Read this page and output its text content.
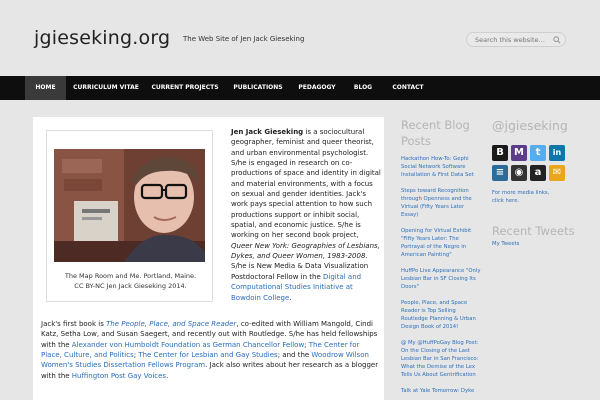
jgieseking.org The Web Site of Jen Jack Gieseking
Search this website…
HOME	CURRICULUM VITAE	CURRENT PROJECTS	PUBLICATIONS	PEDAGOGY	BLOG	CONTACT
The Map Room and Me. Portland, Maine.
CC BY-NC Jen Jack Gieseking 2014.
Jen Jack Gieseking is a sociocultural geographer, feminist and queer theorist, and urban environmental psychologist. S/he is engaged in research on co-productions of space and identity in digital and material environments, with a focus on sexual and gender identities. Jack's work pays special attention to how such productions support or inhibit social, spatial, and economic justice. S/he is working on her second book project, Queer New York: Geographies of Lesbians, Dykes, and Queer Women, 1983-2008. S/he is New Media & Data Visualization Postdoctoral Fellow in the Digital and Computational Studies Initiative at Bowdoin College.
Jack's first book is The People, Place, and Space Reader, co-edited with William Mangold, Cindi Katz, Setha Low, and Susan Saegert, and recently out with Routledge. S/he has held fellowships with the Alexander von Humboldt Foundation as German Chancellor Fellow; The Center for Place, Culture, and Politics; The Center for Lesbian and Gay Studies; and the Woodrow Wilson Women's Studies Dissertation Fellows Program. Jack also writes about her research as a blogger with the Huffington Post Gay Voices.
Recent Blog Posts
Hackathon How-To: Gephi Social Network Software Installation & First Data Set
Steps toward Recognition through Openness and the Virtual (Fifty Years Later Essay)
Opening for Virtual Exhibit "Fifty Years Later: The Portrayal of the Negro in American Painting"
HuffPo Live Appearance "Only Lesbian Bar in SF Closing Its Doors"
People, Place, and Space Reader is Top Selling Routledge Planning & Urban Design Book of 2014!
@ My @HuffPoGay Blog Post: On the Closing of the Last Lesbian Bar in San Francisco: What the Demise of the Lex Tells Us About Gentrification
Talk at Yale Tomorrow: Dyke
@jgieseking
B	M	t	in
≡	◉	a	✉
For more media links, click here.
Recent Tweets
My Tweets
